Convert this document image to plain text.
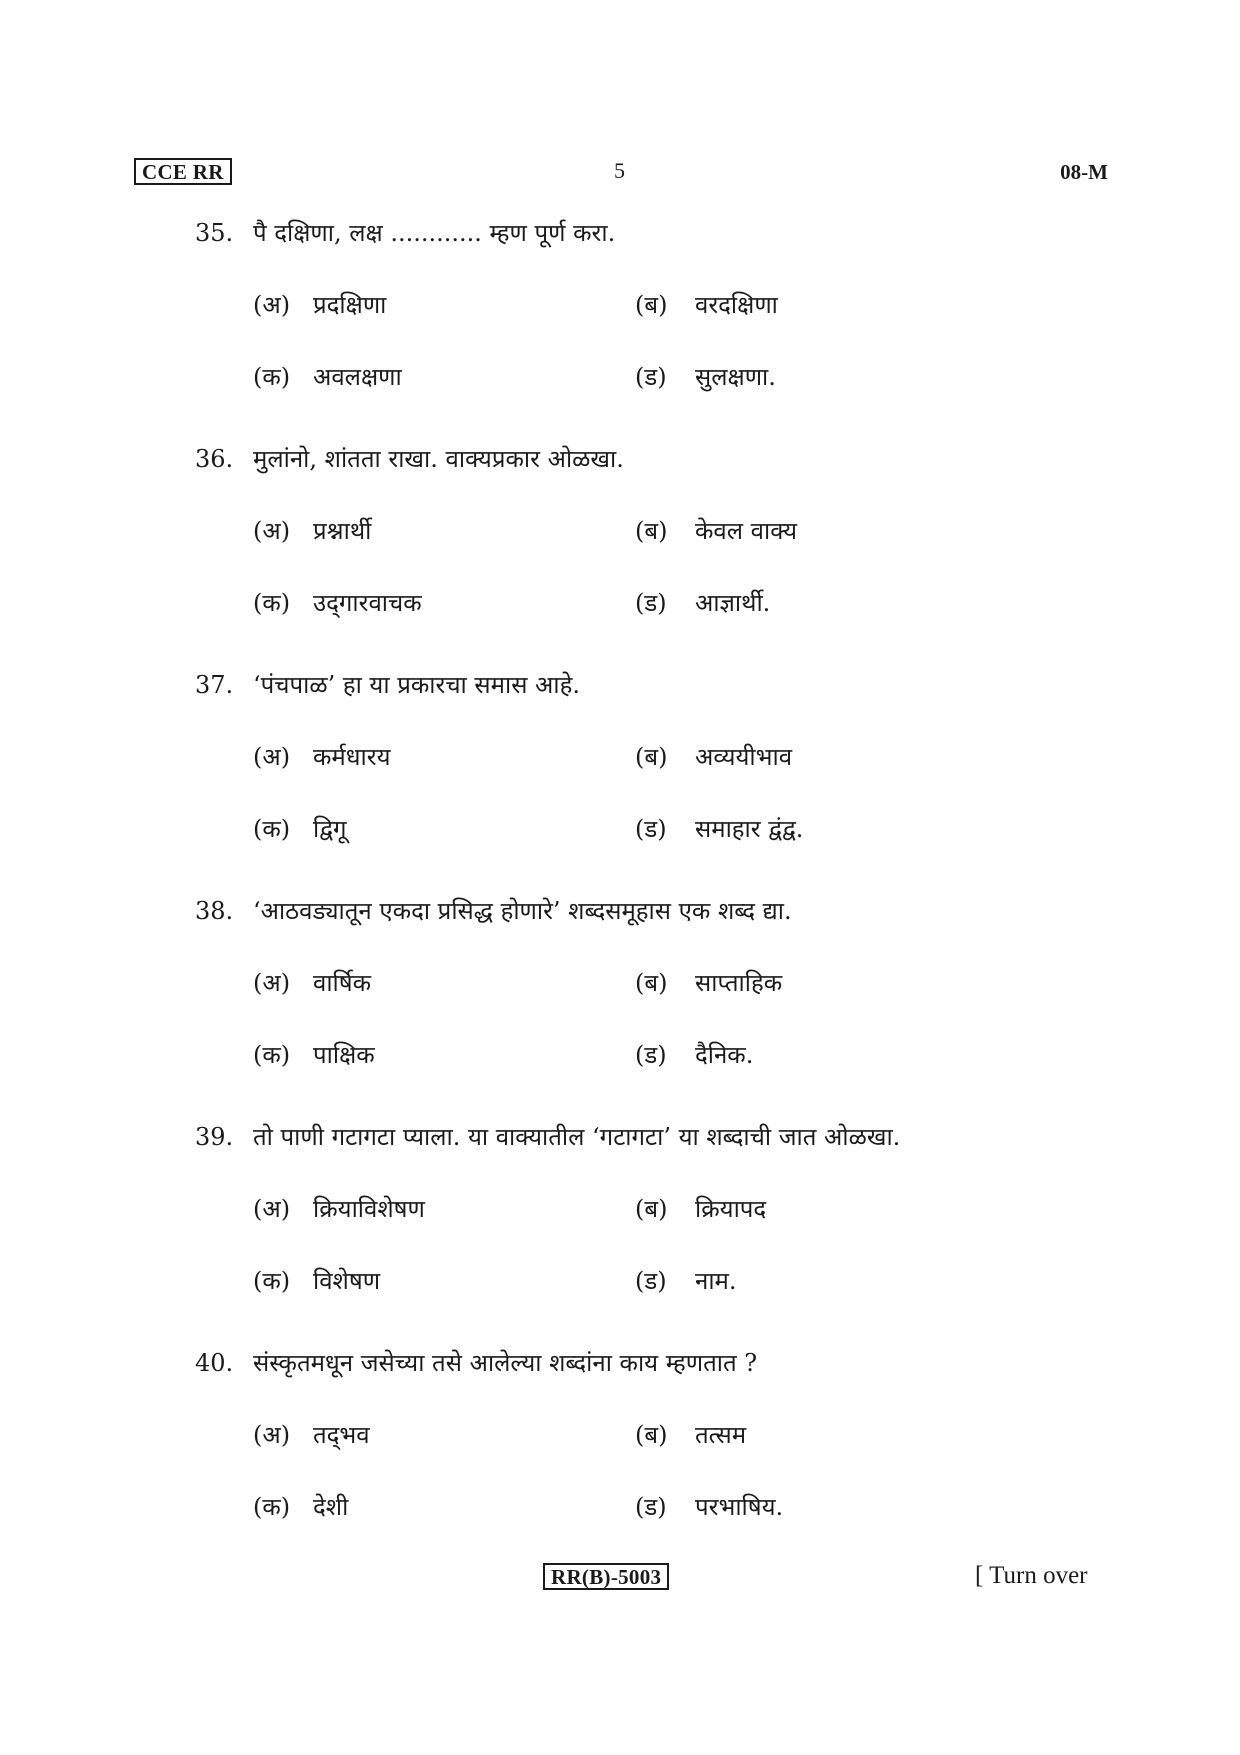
CCE RR	5	08-M
35. पै दक्षिणा, लक्ष ............ म्हण पूर्ण करा.
(अ) प्रदक्षिणा	(ब) वरदक्षिणा
(क) अवलक्षणा	(ड) सुलक्षणा.
36. मुलांनो, शांतता राखा. वाक्यप्रकार ओळखा.
(अ) प्रश्नार्थी	(ब) केवल वाक्य
(क) उद्‌गारवाचक	(ड) आज्ञार्थी.
37. ‘पंचपाळ’ हा या प्रकारचा समास आहे.
(अ) कर्मधारय	(ब) अव्ययीभाव
(क) द्विगू	(ड) समाहार द्वंद्व.
38. ‘आठवड्यातून एकदा प्रसिद्ध होणारे’ शब्दसमूहास एक शब्द द्या.
(अ) वार्षिक	(ब) साप्ताहिक
(क) पाक्षिक	(ड) दैनिक.
39. तो पाणी गटागटा प्याला. या वाक्यातील ‘गटागटा’ या शब्दाची जात ओळखा.
(अ) क्रियाविशेषण	(ब) क्रियापद
(क) विशेषण	(ड) नाम.
40. संस्कृतमधून जसेच्या तसे आलेल्या शब्दांना काय म्हणतात ?
(अ) तद्‌भव	(ब) तत्सम
(क) देशी	(ड) परभाषिय.
RR(B)-5003	[ Turn over
